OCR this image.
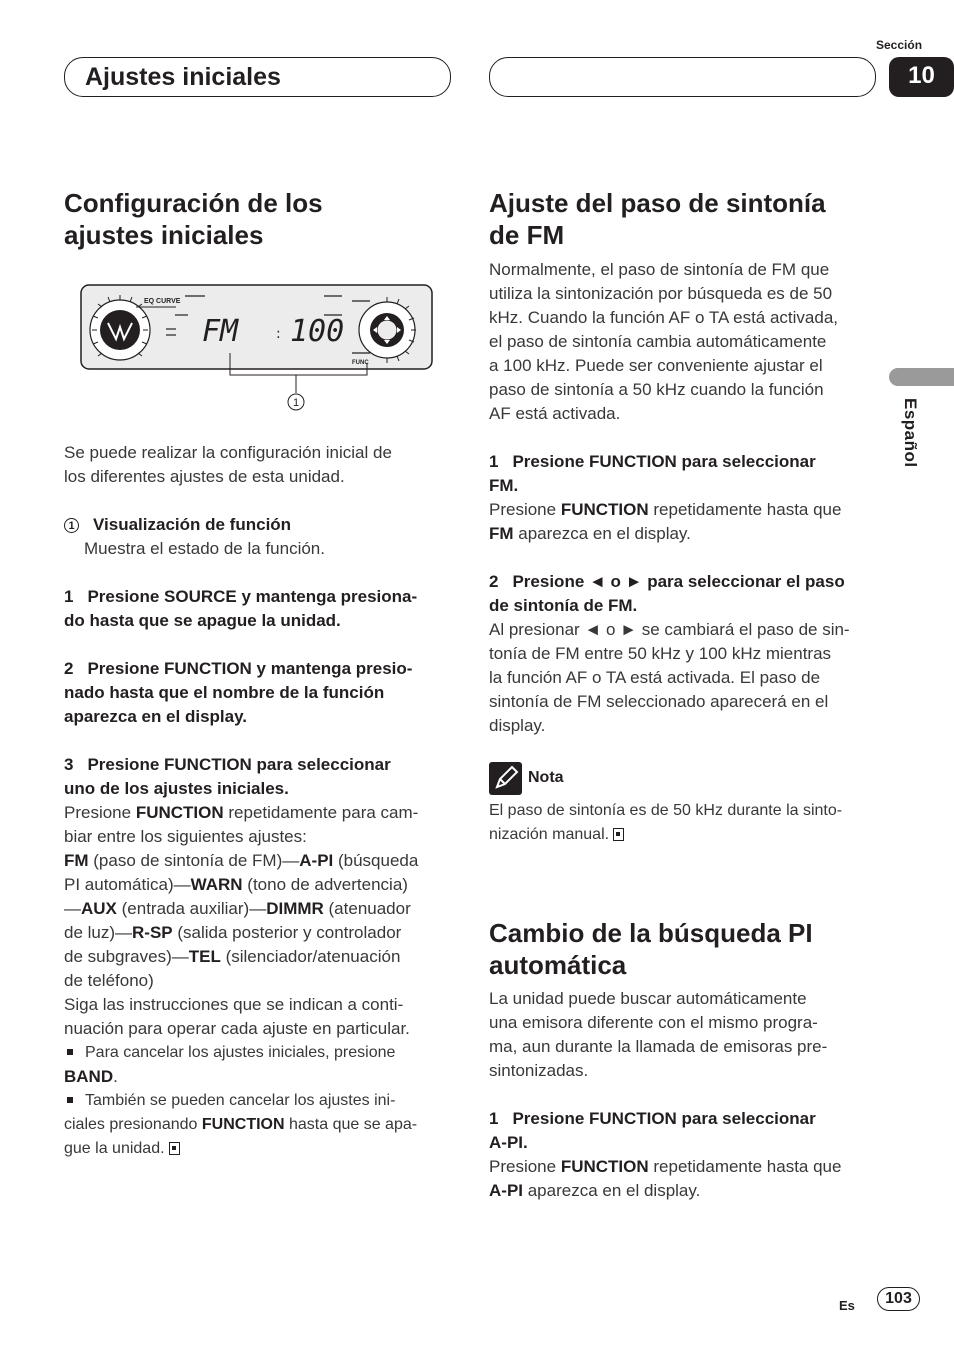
Ajustes iniciales
Sección
10
Español
Configuración de los
ajustes iniciales
EQ CURVE
FM	: 100
FUNC
1

Se puede realizar la configuración inicial de

los diferentes ajustes de esta unidad.

1 Visualización de función

Muestra el estado de la función.

1 Presione SOURCE y mantenga presiona-

do hasta que se apague la unidad.

2 Presione FUNCTION y mantenga presio-

nado hasta que el nombre de la función

aparezca en el display.

3 Presione FUNCTION para seleccionar

uno de los ajustes iniciales.

Presione FUNCTION repetidamente para cam-

biar entre los siguientes ajustes:

FM (paso de sintonía de FM)—A-PI (búsqueda

PI automática)—WARN (tono de advertencia)

—AUX (entrada auxiliar)—DIMMR (atenuador

de luz)—R-SP (salida posterior y controlador

de subgraves)—TEL (silenciador/atenuación

de teléfono)

Siga las instrucciones que se indican a conti-

nuación para operar cada ajuste en particular.

Para cancelar los ajustes iniciales, presione

BAND.

También se pueden cancelar los ajustes ini-

ciales presionando FUNCTION hasta que se apa-

gue la unidad.

Ajuste del paso de sintonía
de FM

Normalmente, el paso de sintonía de FM que

utiliza la sintonización por búsqueda es de 50

kHz. Cuando la función AF o TA está activada,

el paso de sintonía cambia automáticamente

a 100 kHz. Puede ser conveniente ajustar el

paso de sintonía a 50 kHz cuando la función

AF está activada.

1 Presione FUNCTION para seleccionar

FM.

Presione FUNCTION repetidamente hasta que

FM aparezca en el display.

2 Presione ◄ o ► para seleccionar el paso

de sintonía de FM.

Al presionar ◄ o ► se cambiará el paso de sin-

tonía de FM entre 50 kHz y 100 kHz mientras

la función AF o TA está activada. El paso de

sintonía de FM seleccionado aparecerá en el

display.

Nota

El paso de sintonía es de 50 kHz durante la sinto-

nización manual.

Cambio de la búsqueda PI
automática

La unidad puede buscar automáticamente

una emisora diferente con el mismo progra-

ma, aun durante la llamada de emisoras pre-

sintonizadas.

1 Presione FUNCTION para seleccionar

A-PI.

Presione FUNCTION repetidamente hasta que

A-PI aparezca en el display.

Es	103
